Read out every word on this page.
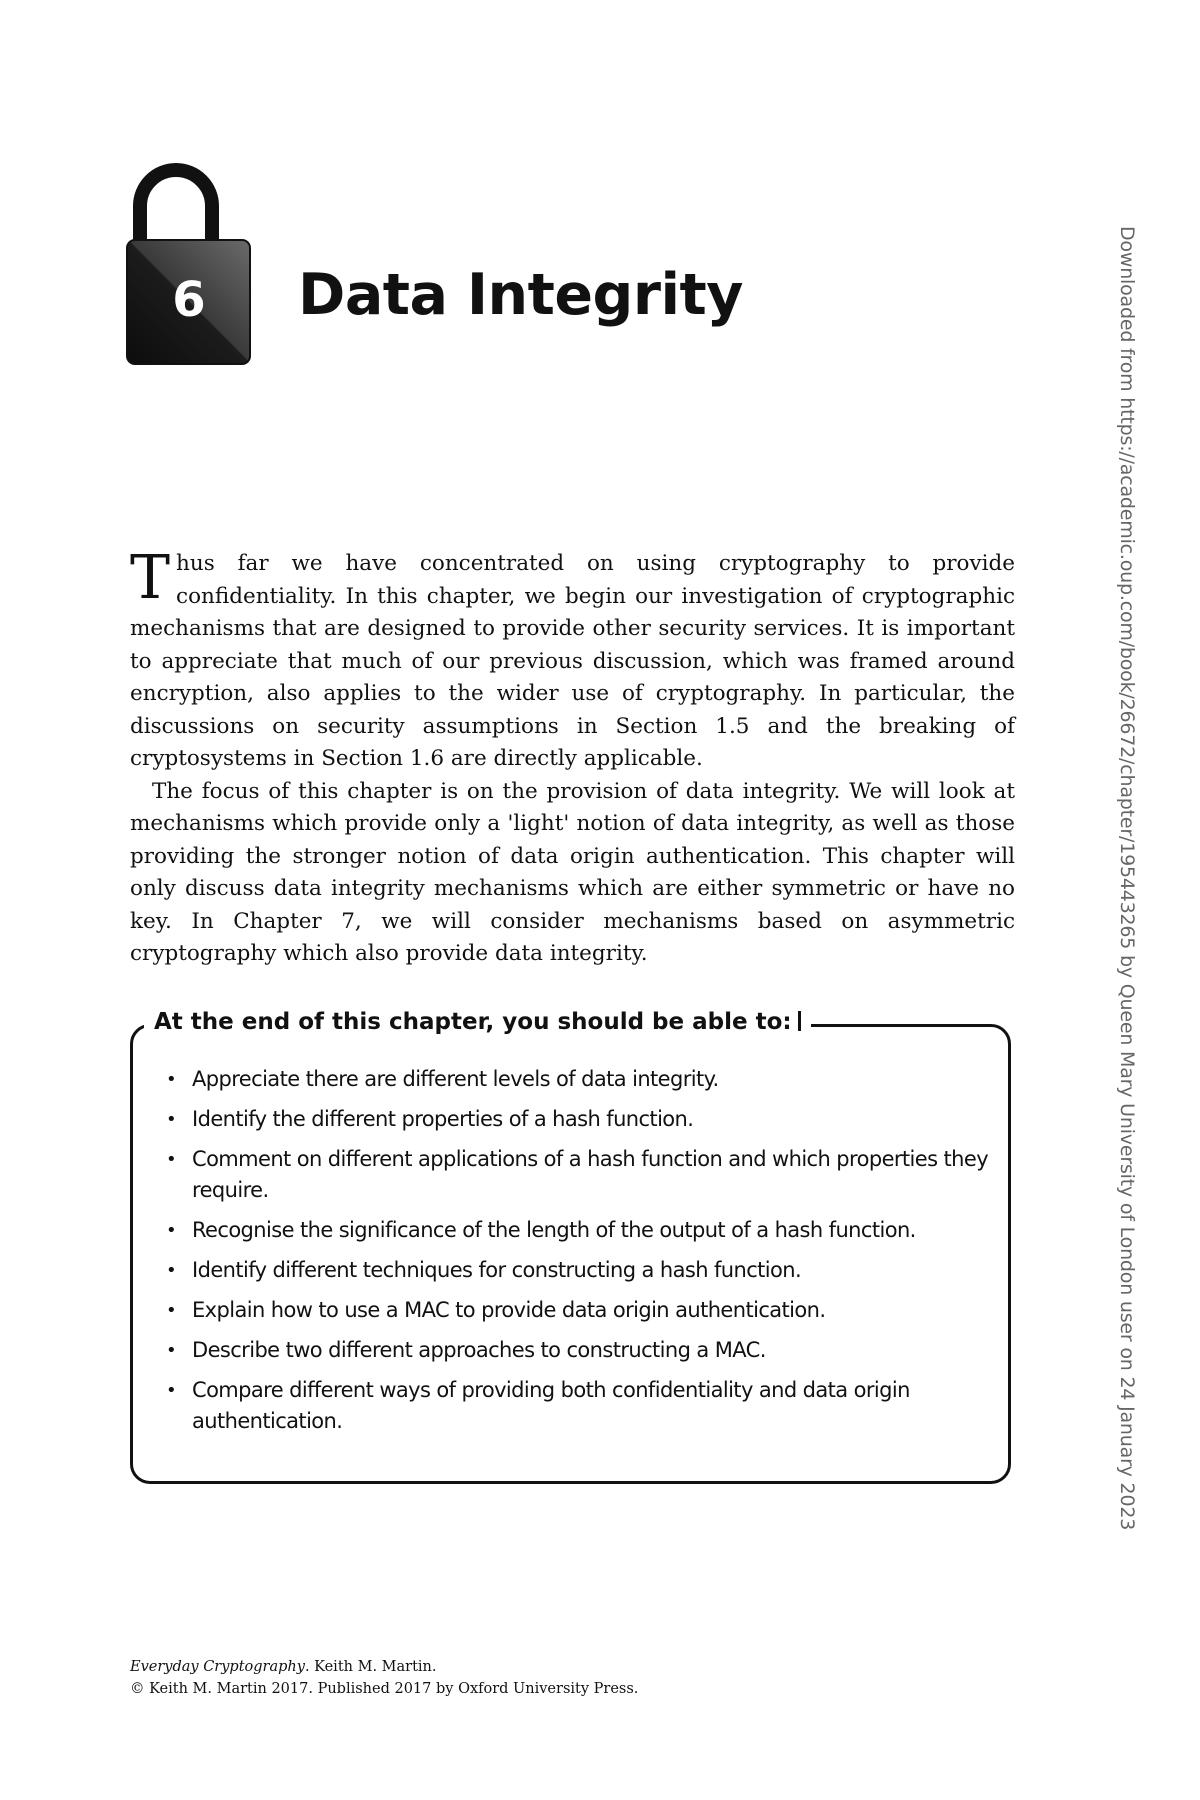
6 Data Integrity

Thus far we have concentrated on using cryptography to provide confidentiality. In this chapter, we begin our investigation of cryptographic mechanisms that are designed to provide other security services. It is important to appreciate that much of our previous discussion, which was framed around encryption, also applies to the wider use of cryptography. In particular, the discussions on security assumptions in Section 1.5 and the breaking of cryptosystems in Section 1.6 are directly applicable.

The focus of this chapter is on the provision of data integrity. We will look at mechanisms which provide only a 'light' notion of data integrity, as well as those providing the stronger notion of data origin authentication. This chapter will only discuss data integrity mechanisms which are either symmetric or have no key. In Chapter 7, we will consider mechanisms based on asymmetric cryptography which also provide data integrity.

At the end of this chapter, you should be able to:
• Appreciate there are different levels of data integrity.
• Identify the different properties of a hash function.
• Comment on different applications of a hash function and which properties they require.
• Recognise the significance of the length of the output of a hash function.
• Identify different techniques for constructing a hash function.
• Explain how to use a MAC to provide data origin authentication.
• Describe two different approaches to constructing a MAC.
• Compare different ways of providing both confidentiality and data origin authentication.	Downloaded from https://academic.oup.com/book/26672/chapter/195443265 by Queen Mary University of London user on 24 January 2023
Everyday Cryptography. Keith M. Martin.
© Keith M. Martin 2017. Published 2017 by Oxford University Press.
